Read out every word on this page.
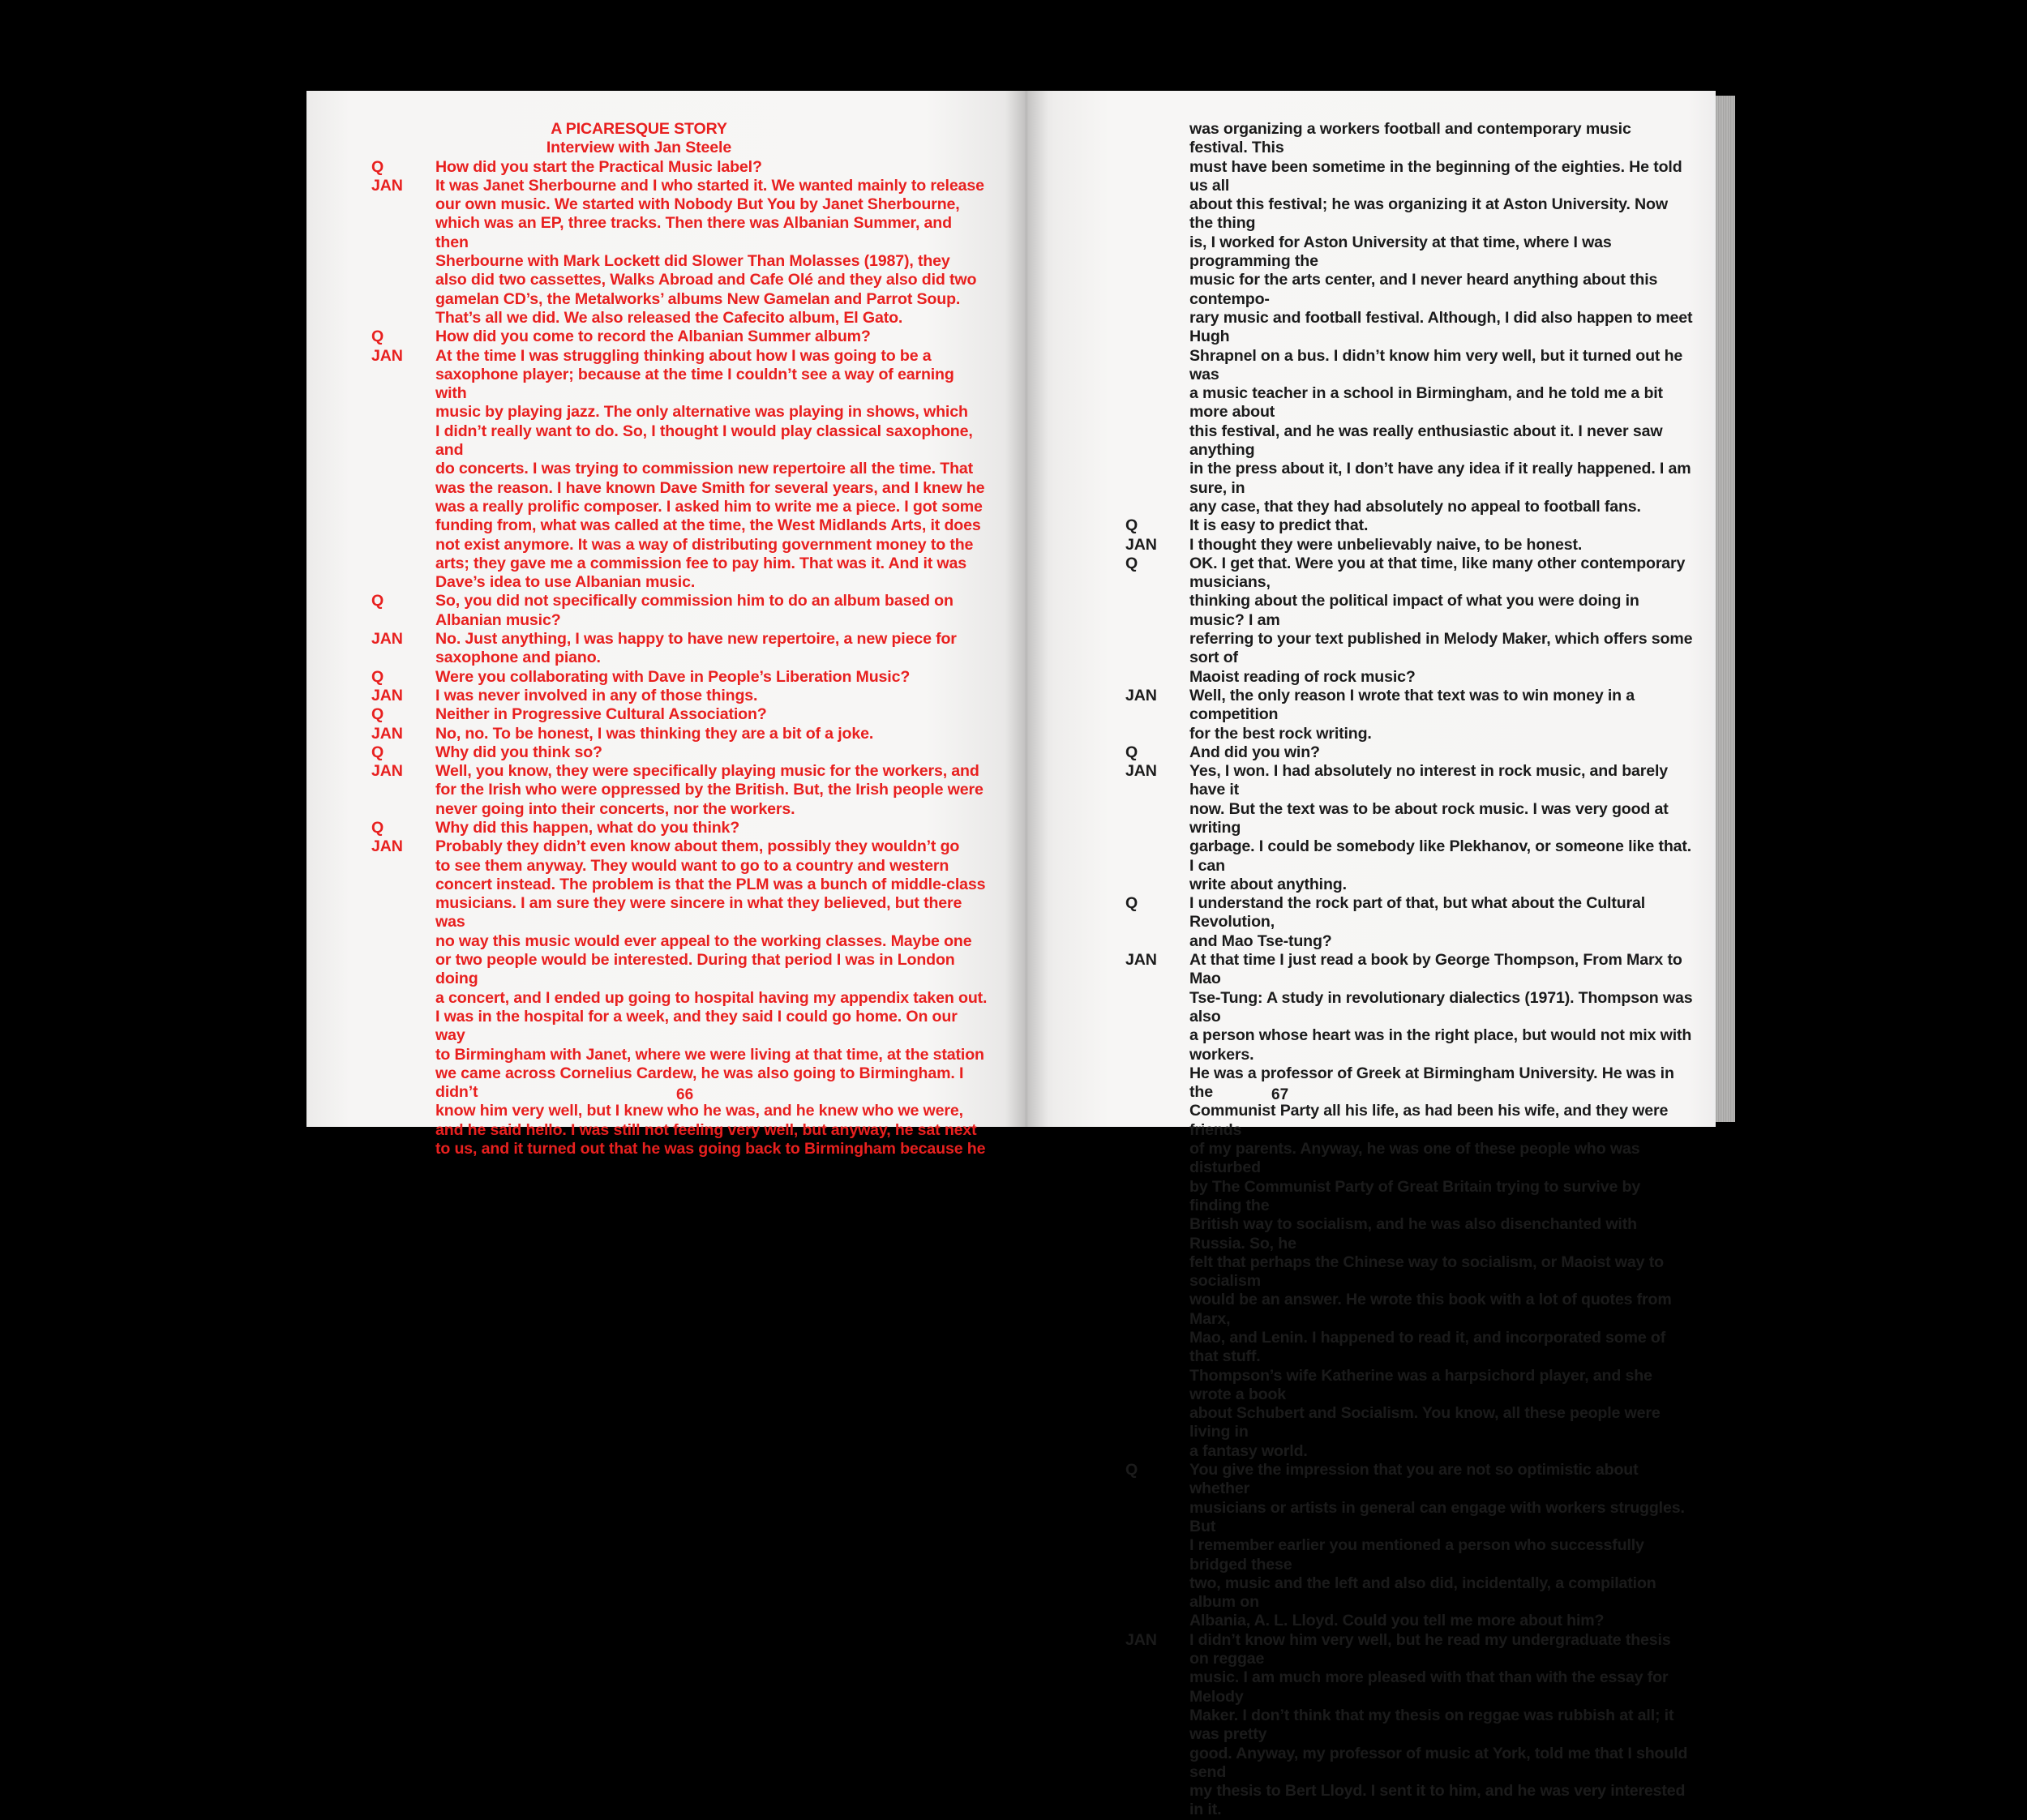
A PICARESQUE STORY
Interview with Jan Steele
Q	How did you start the Practical Music label?
JAN	It was Janet Sherbourne and I who started it. We wanted mainly to release
our own music. We started with Nobody But You by Janet Sherbourne,
which was an EP, three tracks. Then there was Albanian Summer, and then
Sherbourne with Mark Lockett did Slower Than Molasses (1987), they
also did two cassettes, Walks Abroad and Cafe Olé and they also did two
gamelan CD’s, the Metalworks’ albums New Gamelan and Parrot Soup.
That’s all we did. We also released the Cafecito album, El Gato.
Q	How did you come to record the Albanian Summer album?
JAN	At the time I was struggling thinking about how I was going to be a
saxophone player; because at the time I couldn’t see a way of earning with
music by playing jazz. The only alternative was playing in shows, which
I didn’t really want to do. So, I thought I would play classical saxophone, and
do concerts. I was trying to commission new repertoire all the time. That
was the reason. I have known Dave Smith for several years, and I knew he
was a really prolific composer. I asked him to write me a piece. I got some
funding from, what was called at the time, the West Midlands Arts, it does
not exist anymore. It was a way of distributing government money to the
arts; they gave me a commission fee to pay him. That was it. And it was
Dave’s idea to use Albanian music.
Q	So, you did not specifically commission him to do an album based on
Albanian music?
JAN	No. Just anything, I was happy to have new repertoire, a new piece for
saxophone and piano.
Q	Were you collaborating with Dave in People’s Liberation Music?
JAN	I was never involved in any of those things.
Q	Neither in Progressive Cultural Association?
JAN	No, no. To be honest, I was thinking they are a bit of a joke.
Q	Why did you think so?
JAN	Well, you know, they were specifically playing music for the workers, and
for the Irish who were oppressed by the British. But, the Irish people were
never going into their concerts, nor the workers.
Q	Why did this happen, what do you think?
JAN	Probably they didn’t even know about them, possibly they wouldn’t go
to see them anyway. They would want to go to a country and western
concert instead. The problem is that the PLM was a bunch of middle-class
musicians. I am sure they were sincere in what they believed, but there was
no way this music would ever appeal to the working classes. Maybe one
or two people would be interested. During that period I was in London doing
a concert, and I ended up going to hospital having my appendix taken out.
I was in the hospital for a week, and they said I could go home. On our way
to Birmingham with Janet, where we were living at that time, at the station
we came across Cornelius Cardew, he was also going to Birmingham. I didn’t
know him very well, but I knew who he was, and he knew who we were,
and he said hello. I was still not feeling very well, but anyway, he sat next
to us, and it turned out that he was going back to Birmingham because he
66
was organizing a workers football and contemporary music festival. This
must have been sometime in the beginning of the eighties. He told us all
about this festival; he was organizing it at Aston University. Now the thing
is, I worked for Aston University at that time, where I was programming the
music for the arts center, and I never heard anything about this contempo-
rary music and football festival. Although, I did also happen to meet Hugh
Shrapnel on a bus. I didn’t know him very well, but it turned out he was
a music teacher in a school in Birmingham, and he told me a bit more about
this festival, and he was really enthusiastic about it. I never saw anything
in the press about it, I don’t have any idea if it really happened. I am sure, in
any case, that they had absolutely no appeal to football fans.
Q	It is easy to predict that.
JAN	I thought they were unbelievably naive, to be honest.
Q	OK. I get that. Were you at that time, like many other contemporary musicians,
thinking about the political impact of what you were doing in music? I am
referring to your text published in Melody Maker, which offers some sort of
Maoist reading of rock music?
JAN	Well, the only reason I wrote that text was to win money in a competition
for the best rock writing.
Q	And did you win?
JAN	Yes, I won. I had absolutely no interest in rock music, and barely have it
now. But the text was to be about rock music. I was very good at writing
garbage. I could be somebody like Plekhanov, or someone like that. I can
write about anything.
Q	I understand the rock part of that, but what about the Cultural Revolution,
and Mao Tse-tung?
JAN	At that time I just read a book by George Thompson, From Marx to Mao
Tse-Tung: A study in revolutionary dialectics (1971). Thompson was also
a person whose heart was in the right place, but would not mix with workers.
He was a professor of Greek at Birmingham University. He was in the
Communist Party all his life, as had been his wife, and they were friends
of my parents. Anyway, he was one of these people who was disturbed
by The Communist Party of Great Britain trying to survive by finding the
British way to socialism, and he was also disenchanted with Russia. So, he
felt that perhaps the Chinese way to socialism, or Maoist way to socialism
would be an answer. He wrote this book with a lot of quotes from Marx,
Mao, and Lenin. I happened to read it, and incorporated some of that stuff.
Thompson’s wife Katherine was a harpsichord player, and she wrote a book
about Schubert and Socialism. You know, all these people were living in
a fantasy world.
Q	You give the impression that you are not so optimistic about whether
musicians or artists in general can engage with workers struggles. But
I remember earlier you mentioned a person who successfully bridged these
two, music and the left and also did, incidentally, a compilation album on
Albania, A. L. Lloyd. Could you tell me more about him?
JAN	I didn’t know him very well, but he read my undergraduate thesis on reggae
music. I am much more pleased with that than with the essay for Melody
Maker. I don’t think that my thesis on reggae was rubbish at all; it was pretty
good. Anyway, my professor of music at York, told me that I should send
my thesis to Bert Lloyd. I sent it to him, and he was very interested in it.
67
